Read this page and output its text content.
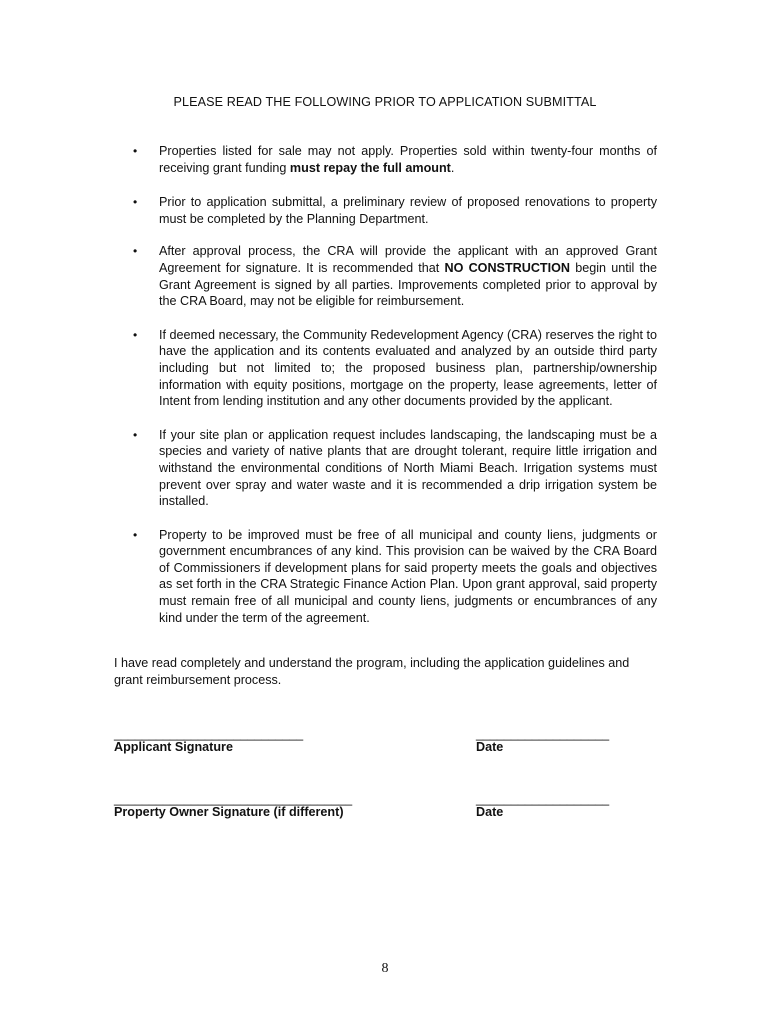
PLEASE READ THE FOLLOWING PRIOR TO APPLICATION SUBMITTAL
•	Properties listed for sale may not apply. Properties sold within twenty-four months of receiving grant funding must repay the full amount.
•	Prior to application submittal, a preliminary review of proposed renovations to property must be completed by the Planning Department.
•	After approval process, the CRA will provide the applicant with an approved Grant Agreement for signature. It is recommended that NO CONSTRUCTION begin until the Grant Agreement is signed by all parties. Improvements completed prior to approval by the CRA Board, may not be eligible for reimbursement.
•	If deemed necessary, the Community Redevelopment Agency (CRA) reserves the right to have the application and its contents evaluated and analyzed by an outside third party including but not limited to; the proposed business plan, partnership/ownership information with equity positions, mortgage on the property, lease agreements, letter of Intent from lending institution and any other documents provided by the applicant.
•	If your site plan or application request includes landscaping, the landscaping must be a species and variety of native plants that are drought tolerant, require little irrigation and withstand the environmental conditions of North Miami Beach. Irrigation systems must prevent over spray and water waste and it is recommended a drip irrigation system be installed.
•	Property to be improved must be free of all municipal and county liens, judgments or government encumbrances of any kind. This provision can be waived by the CRA Board of Commissioners if development plans for said property meets the goals and objectives as set forth in the CRA Strategic Finance Action Plan. Upon grant approval, said property must remain free of all municipal and county liens, judgments or encumbrances of any kind under the term of the agreement.
I have read completely and understand the program, including the application guidelines and grant reimbursement process.
___________________________
Applicant Signature
___________________
Date
__________________________________
Property Owner Signature (if different)
___________________
Date
8
